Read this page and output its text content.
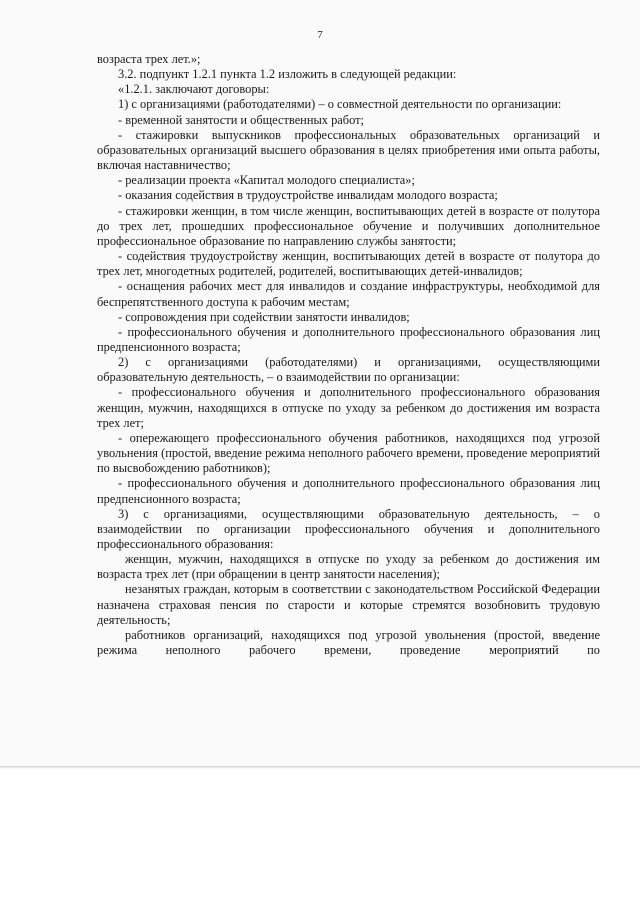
7

возраста трех лет.»;

3.2. подпункт 1.2.1 пункта 1.2 изложить в следующей редакции:

«1.2.1. заключают договоры:

1) с организациями (работодателями) – о совместной деятельности по организации:

- временной занятости и общественных работ;

- стажировки выпускников профессиональных образовательных организаций и образовательных организаций высшего образования в целях приобретения ими опыта работы, включая наставничество;

- реализации проекта «Капитал молодого специалиста»;

- оказания содействия в трудоустройстве инвалидам молодого возраста;

- стажировки женщин, в том числе женщин, воспитывающих детей в возрасте от полутора до трех лет, прошедших профессиональное обучение и получивших дополнительное профессиональное образование по направлению службы занятости;

- содействия трудоустройству женщин, воспитывающих детей в возрасте от полутора до трех лет, многодетных родителей, родителей, воспитывающих детей-инвалидов;

- оснащения рабочих мест для инвалидов и создание инфраструктуры, необходимой для беспрепятственного доступа к рабочим местам;

- сопровождения при содействии занятости инвалидов;

- профессионального обучения и дополнительного профессионального образования лиц предпенсионного возраста;

2) с организациями (работодателями) и организациями, осуществляющими образовательную деятельность, – о взаимодействии по организации:

- профессионального обучения и дополнительного профессионального образования женщин, мужчин, находящихся в отпуске по уходу за ребенком до достижения им возраста трех лет;

- опережающего профессионального обучения работников, находящихся под угрозой увольнения (простой, введение режима неполного рабочего времени, проведение мероприятий по высвобождению работников);

- профессионального обучения и дополнительного профессионального образования лиц предпенсионного возраста;

3) с организациями, осуществляющими образовательную деятельность, – о взаимодействии по организации профессионального обучения и дополнительного профессионального образования:

женщин, мужчин, находящихся в отпуске по уходу за ребенком до достижения им возраста трех лет (при обращении в центр занятости населения);

незанятых граждан, которым в соответствии с законодательством Российской Федерации назначена страховая пенсия по старости и которые стремятся возобновить трудовую деятельность;

работников организаций, находящихся под угрозой увольнения (простой, введение режима неполного рабочего времени, проведение мероприятий по
